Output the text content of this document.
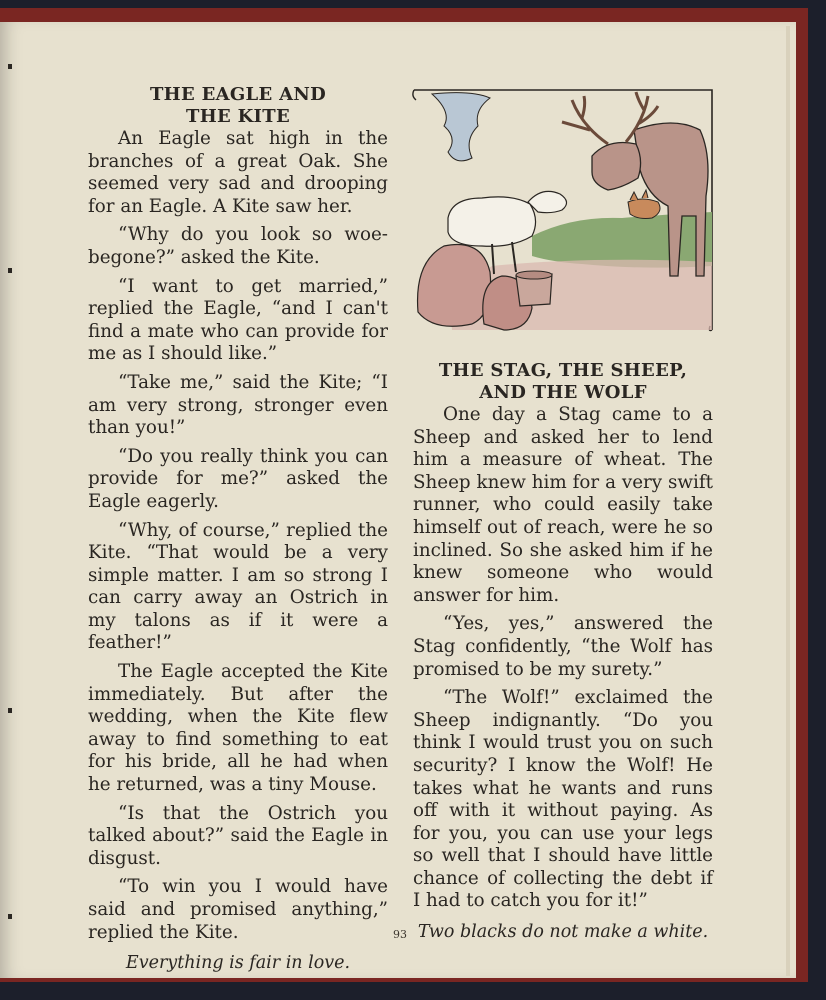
THE EAGLE AND
THE KITE

An Eagle sat high in the branches of a great Oak. She seemed very sad and drooping for an Eagle. A Kite saw her.

“Why do you look so woe-begone?” asked the Kite.

“I want to get married,” replied the Eagle, “and I can't find a mate who can provide for me as I should like.”

“Take me,” said the Kite; “I am very strong, stronger even than you!”

“Do you really think you can provide for me?” asked the Eagle eagerly.

“Why, of course,” replied the Kite. “That would be a very simple matter. I am so strong I can carry away an Ostrich in my talons as if it were a feather!”

The Eagle accepted the Kite immediately. But after the wedding, when the Kite flew away to find something to eat for his bride, all he had when he returned, was a tiny Mouse.

“Is that the Ostrich you talked about?” said the Eagle in disgust.

“To win you I would have said and promised anything,” replied the Kite.

Everything is fair in love.

THE STAG, THE SHEEP,
AND THE WOLF

One day a Stag came to a Sheep and asked her to lend him a measure of wheat. The Sheep knew him for a very swift runner, who could easily take himself out of reach, were he so inclined. So she asked him if he knew someone who would answer for him.

“Yes, yes,” answered the Stag confidently, “the Wolf has promised to be my surety.”

“The Wolf!” exclaimed the Sheep indignantly. “Do you think I would trust you on such security? I know the Wolf! He takes what he wants and runs off with it without paying. As for you, you can use your legs so well that I should have little chance of collecting the debt if I had to catch you for it!”

Two blacks do not make a white.

93
